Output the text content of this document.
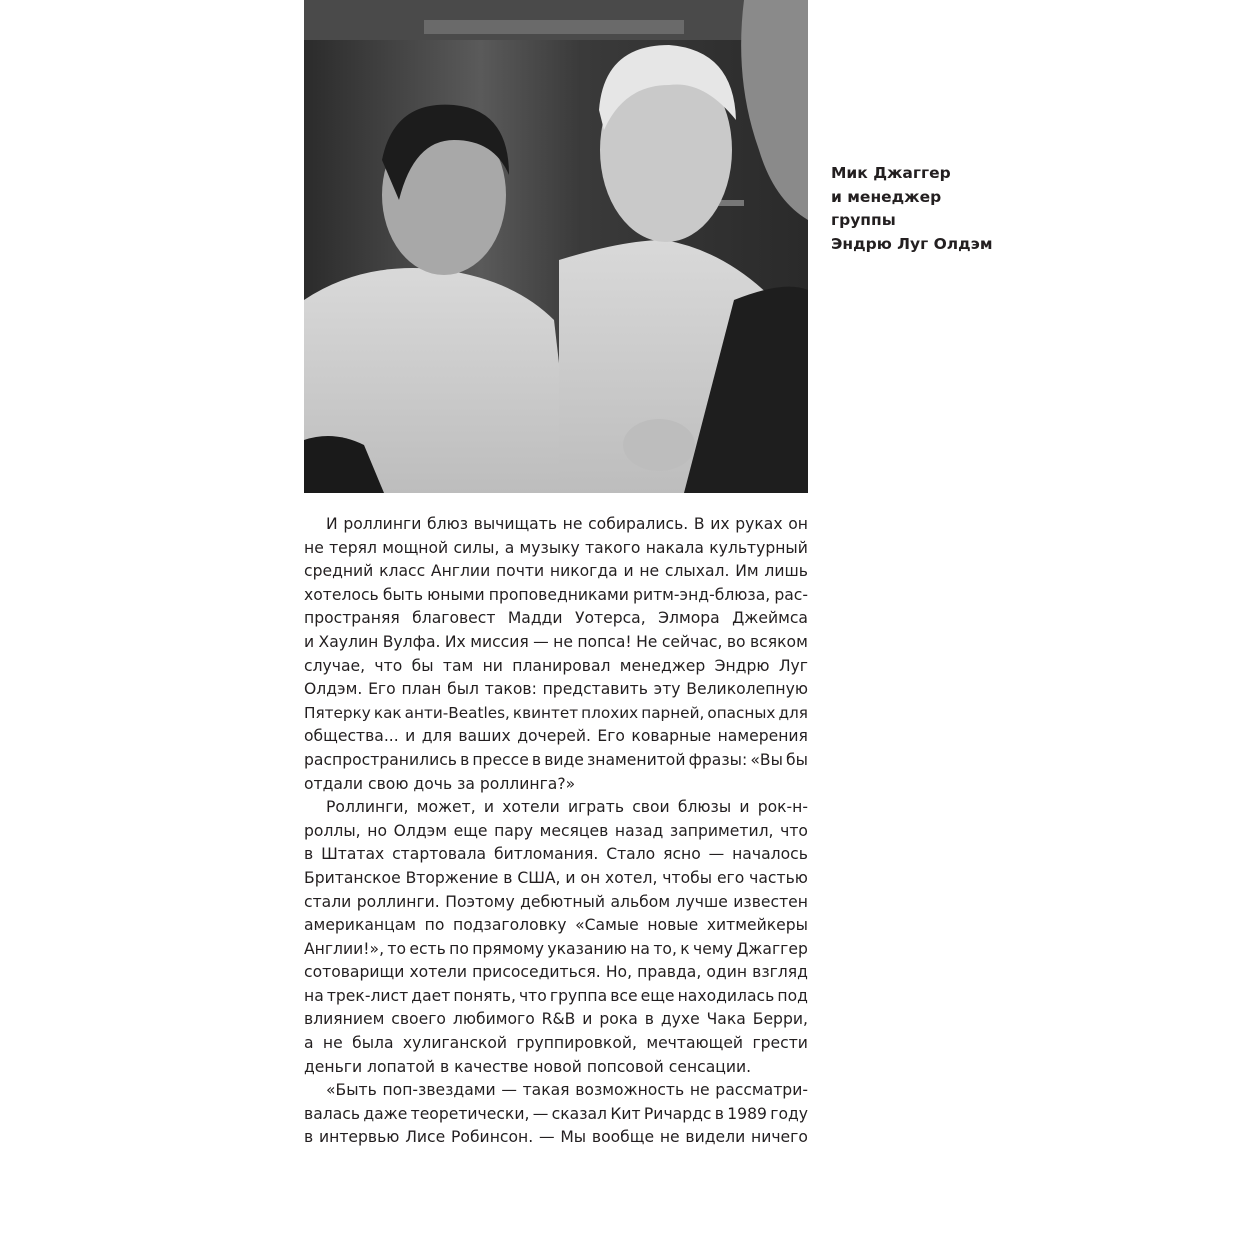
Мик Джаггер
и менеджер
группы
Эндрю Луг Олдэм
И роллинги блюз вычищать не собирались. В их руках он
не терял мощной силы, а музыку такого накала культурный
средний класс Англии почти никогда и не слыхал. Им лишь
хотелось быть юными проповедниками ритм-энд-блюза, рас-
пространяя благовест Мадди Уотерса, Элмора Джеймса
и Хаулин Вулфа. Их миссия — не попса! Не сейчас, во всяком
случае, что бы там ни планировал менеджер Эндрю Луг
Олдэм. Его план был таков: представить эту Великолепную
Пятерку как анти-Beatles, квинтет плохих парней, опасных для
общества... и для ваших дочерей. Его коварные намерения
распространились в прессе в виде знаменитой фразы: «Вы бы
отдали свою дочь за роллинга?»
Роллинги, может, и хотели играть свои блюзы и рок-н-
роллы, но Олдэм еще пару месяцев назад заприметил, что
в Штатах стартовала битломания. Стало ясно — началось
Британское Вторжение в США, и он хотел, чтобы его частью
стали роллинги. Поэтому дебютный альбом лучше известен
американцам по подзаголовку «Самые новые хитмейкеры
Англии!», то есть по прямому указанию на то, к чему Джаггер
сотоварищи хотели присоседиться. Но, правда, один взгляд
на трек-лист дает понять, что группа все еще находилась под
влиянием своего любимого R&B и рока в духе Чака Берри,
а не была хулиганской группировкой, мечтающей грести
деньги лопатой в качестве новой попсовой сенсации.
«Быть поп-звездами — такая возможность не рассматри-
валась даже теоретически, — сказал Кит Ричардс в 1989 году
в интервью Лисе Робинсон. — Мы вообще не видели ничего
